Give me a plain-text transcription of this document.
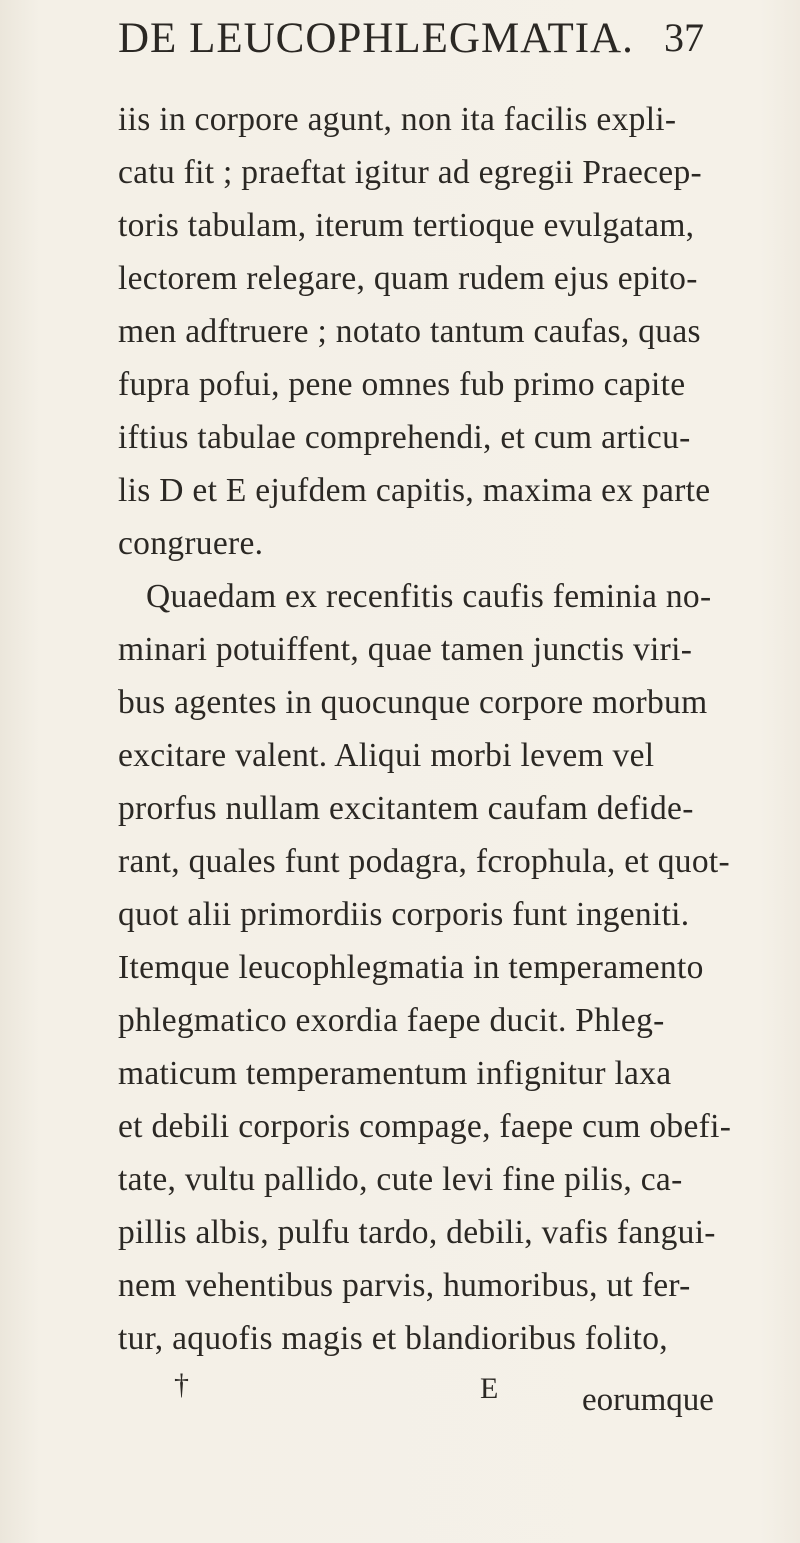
DE LEUCOPHLEGMATIA. 37
iis in corpore agunt, non ita facilis expli-
catu fit ; praeftat igitur ad egregii Praecep-
toris tabulam, iterum tertioque evulgatam,
lectorem relegare, quam rudem ejus epito-
men adftruere ; notato tantum caufas, quas
fupra pofui, pene omnes fub primo capite
iftius tabulae comprehendi, et cum articu-
lis D et E ejufdem capitis, maxima ex parte
congruere.
Quaedam ex recenfitis caufis feminia no-
minari potuiffent, quae tamen junctis viri-
bus agentes in quocunque corpore morbum
excitare valent. Aliqui morbi levem vel
prorfus nullam excitantem caufam defide-
rant, quales funt podagra, fcrophula, et quot-
quot alii primordiis corporis funt ingeniti.
Itemque leucophlegmatia in temperamento
phlegmatico exordia faepe ducit. Phleg-
maticum temperamentum infignitur laxa
et debili corporis compage, faepe cum obefi-
tate, vultu pallido, cute levi fine pilis, ca-
pillis albis, pulfu tardo, debili, vafis fangui-
nem vehentibus parvis, humoribus, ut fer-
tur, aquofis magis et blandioribus folito,
†	E	eorumque
